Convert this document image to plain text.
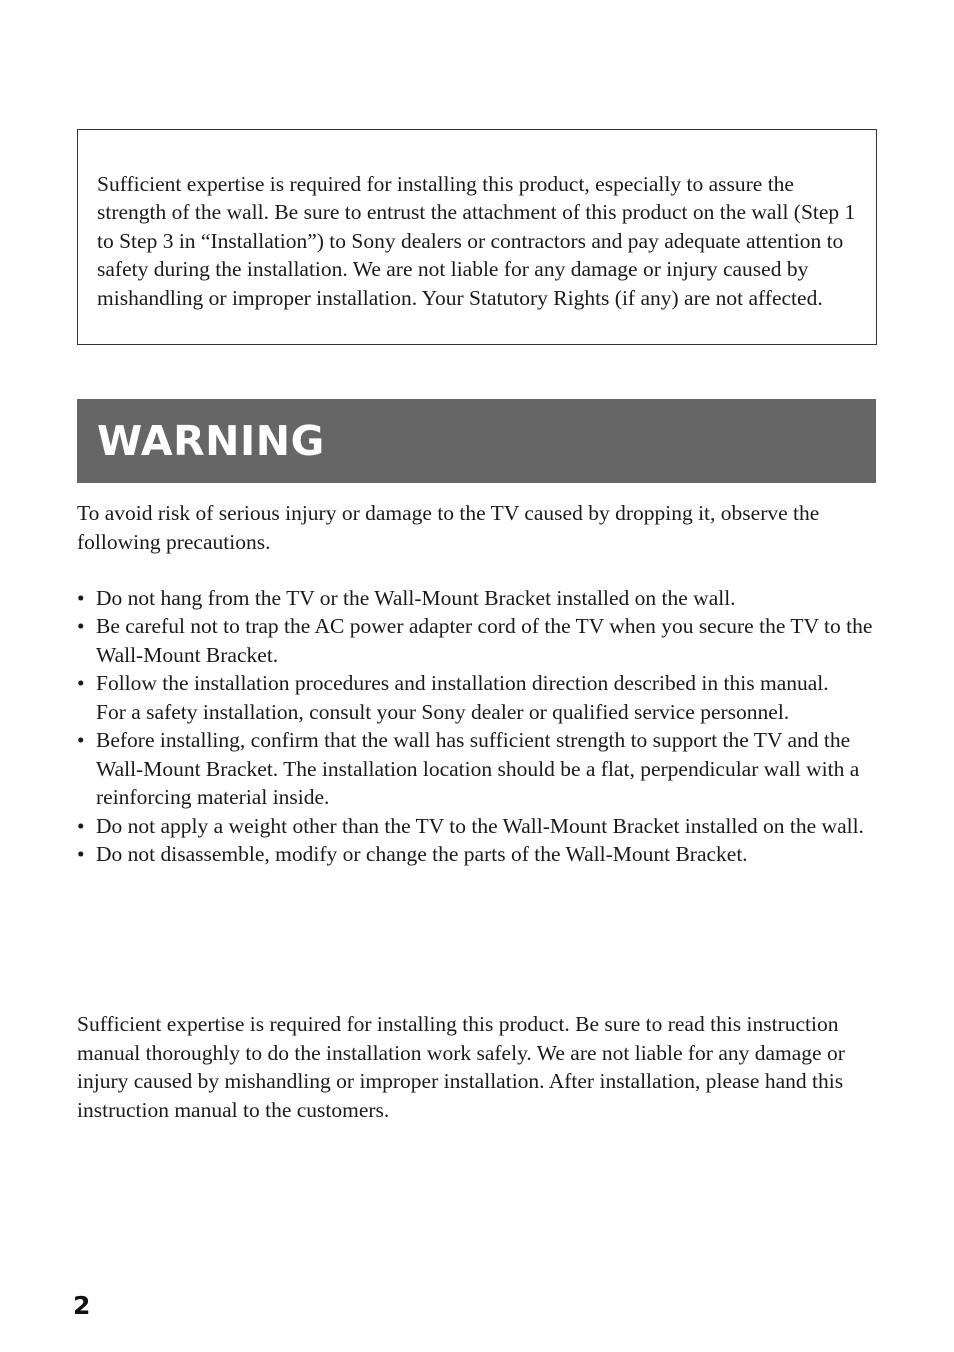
Sufficient expertise is required for installing this product, especially to assure the strength of the wall. Be sure to entrust the attachment of this product on the wall (Step 1 to Step 3 in “Installation”) to Sony dealers or contractors and pay adequate attention to safety during the installation. We are not liable for any damage or injury caused by mishandling or improper installation. Your Statutory Rights (if any) are not affected.

WARNING

To avoid risk of serious injury or damage to the TV caused by dropping it, observe the following precautions.

• Do not hang from the TV or the Wall-Mount Bracket installed on the wall.
• Be careful not to trap the AC power adapter cord of the TV when you secure the TV to the Wall-Mount Bracket.
• Follow the installation procedures and installation direction described in this manual.
For a safety installation, consult your Sony dealer or qualified service personnel.
• Before installing, confirm that the wall has sufficient strength to support the TV and the Wall-Mount Bracket. The installation location should be a flat, perpendicular wall with a reinforcing material inside.
• Do not apply a weight other than the TV to the Wall-Mount Bracket installed on the wall.
• Do not disassemble, modify or change the parts of the Wall-Mount Bracket.

Sufficient expertise is required for installing this product. Be sure to read this instruction manual thoroughly to do the installation work safely. We are not liable for any damage or injury caused by mishandling or improper installation. After installation, please hand this instruction manual to the customers.

2
